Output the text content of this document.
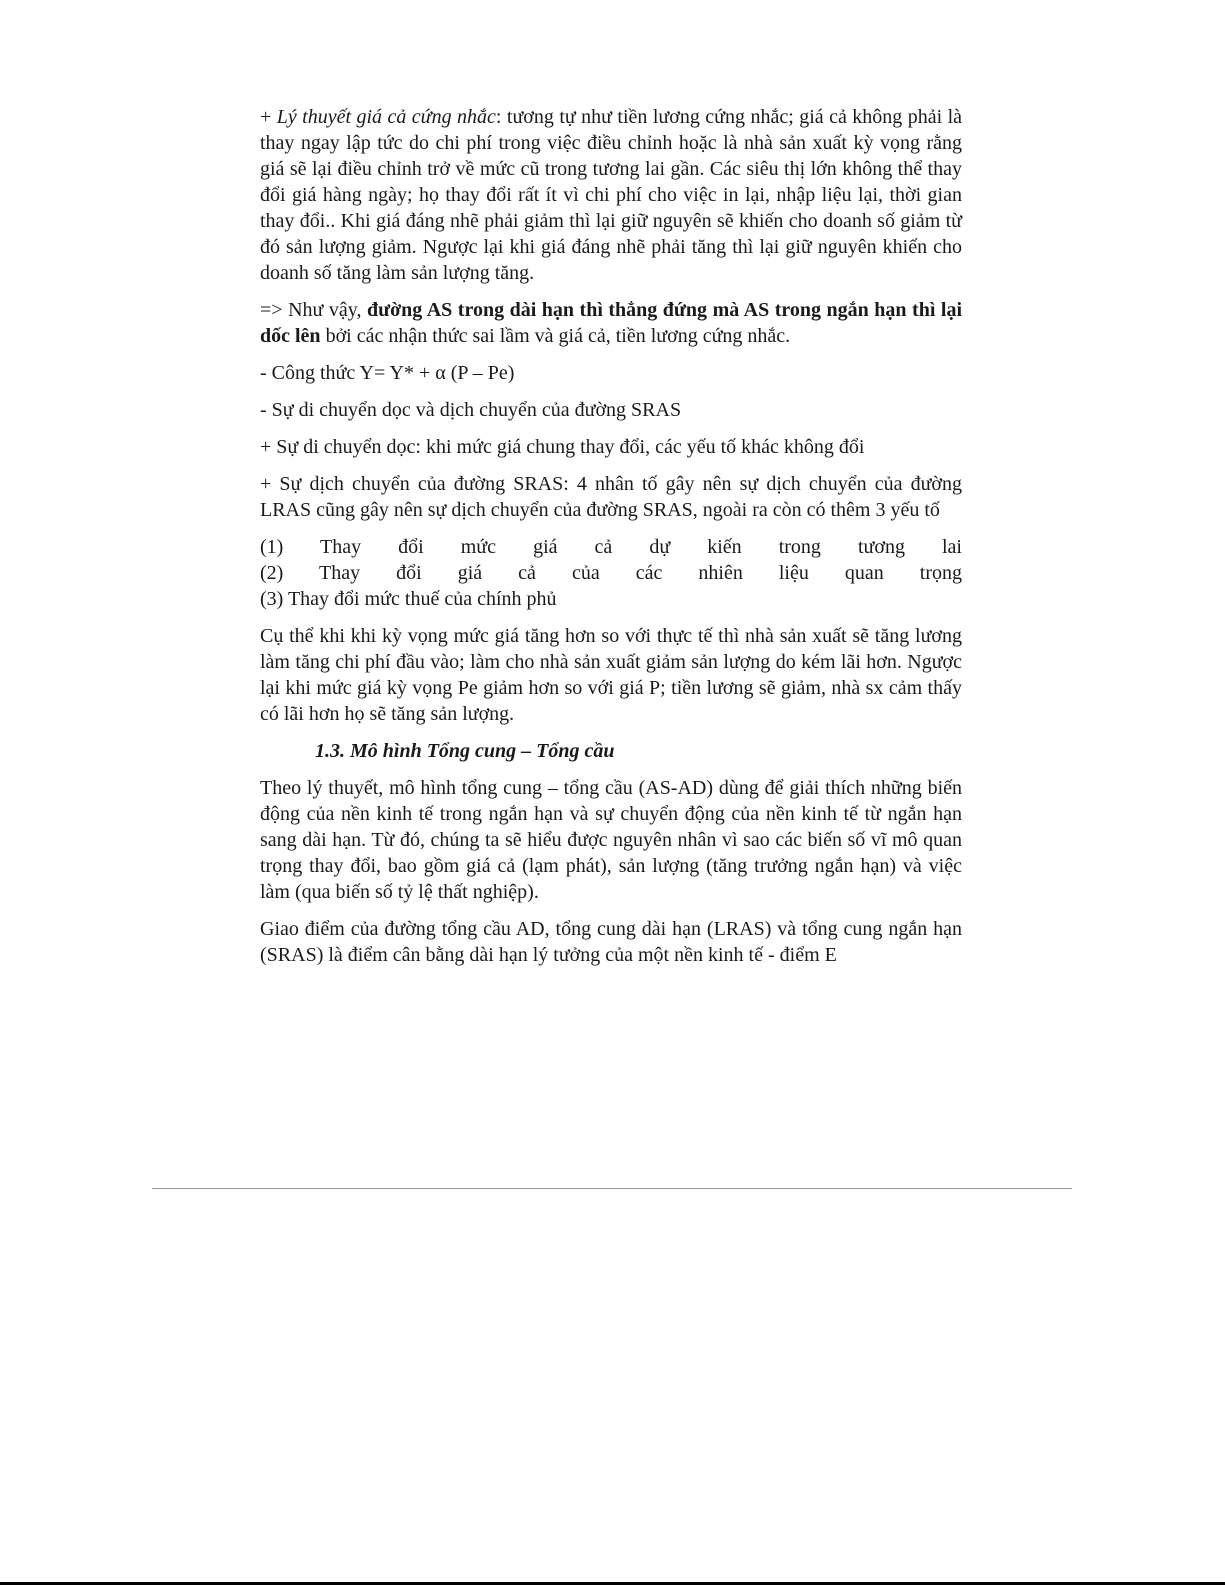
+ Lý thuyết giá cả cứng nhắc: tương tự như tiền lương cứng nhắc; giá cả không phải là thay ngay lập tức do chi phí trong việc điều chỉnh hoặc là nhà sản xuất kỳ vọng rằng giá sẽ lại điều chỉnh trở về mức cũ trong tương lai gần. Các siêu thị lớn không thể thay đổi giá hàng ngày; họ thay đổi rất ít vì chi phí cho việc in lại, nhập liệu lại, thời gian thay đổi.. Khi giá đáng nhẽ phải giảm thì lại giữ nguyên sẽ khiến cho doanh số giảm từ đó sản lượng giảm. Ngược lại khi giá đáng nhẽ phải tăng thì lại giữ nguyên khiến cho doanh số tăng làm sản lượng tăng.

=> Như vậy, đường AS trong dài hạn thì thẳng đứng mà AS trong ngắn hạn thì lại dốc lên bởi các nhận thức sai lầm và giá cả, tiền lương cứng nhắc.

- Công thức Y= Y* + α (P – Pe)

- Sự di chuyển dọc và dịch chuyển của đường SRAS

+ Sự di chuyển dọc: khi mức giá chung thay đổi, các yếu tố khác không đổi

+ Sự dịch chuyển của đường SRAS: 4 nhân tố gây nên sự dịch chuyển của đường LRAS cũng gây nên sự dịch chuyển của đường SRAS, ngoài ra còn có thêm 3 yếu tố

(1) Thay đổi mức giá cả dự kiến trong tương lai
(2) Thay đổi giá cả của các nhiên liệu quan trọng
(3) Thay đổi mức thuế của chính phủ

Cụ thể khi khi kỳ vọng mức giá tăng hơn so với thực tế thì nhà sản xuất sẽ tăng lương làm tăng chi phí đầu vào; làm cho nhà sản xuất giảm sản lượng do kém lãi hơn. Ngược lại khi mức giá kỳ vọng Pe giảm hơn so với giá P; tiền lương sẽ giảm, nhà sx cảm thấy có lãi hơn họ sẽ tăng sản lượng.

1.3. Mô hình Tổng cung – Tổng cầu

Theo lý thuyết, mô hình tổng cung – tổng cầu (AS-AD) dùng để giải thích những biến động của nền kinh tế trong ngắn hạn và sự chuyển động của nền kinh tế từ ngắn hạn sang dài hạn. Từ đó, chúng ta sẽ hiểu được nguyên nhân vì sao các biến số vĩ mô quan trọng thay đổi, bao gồm giá cả (lạm phát), sản lượng (tăng trưởng ngắn hạn) và việc làm (qua biến số tỷ lệ thất nghiệp).

Giao điểm của đường tổng cầu AD, tổng cung dài hạn (LRAS) và tổng cung ngắn hạn (SRAS) là điểm cân bằng dài hạn lý tưởng của một nền kinh tế - điểm E
